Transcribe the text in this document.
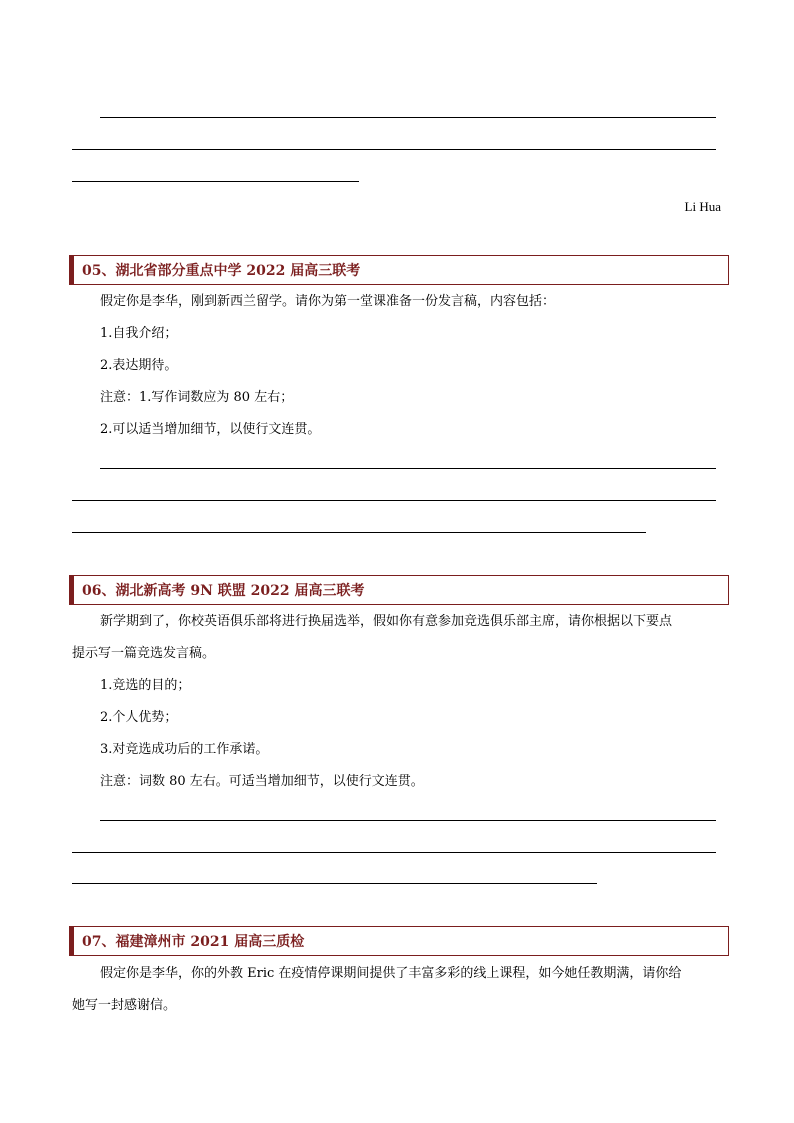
Li Hua
05、湖北省部分重点中学 2022 届高三联考
假定你是李华，刚到新西兰留学。请你为第一堂课准备一份发言稿，内容包括：
1.自我介绍；
2.表达期待。
注意：1.写作词数应为 80 左右；
2.可以适当增加细节，以使行文连贯。
06、湖北新高考 9N 联盟 2022 届高三联考
新学期到了，你校英语俱乐部将进行换届选举，假如你有意参加竞选俱乐部主席，请你根据以下要点
提示写一篇竞选发言稿。
1.竞选的目的；
2.个人优势；
3.对竞选成功后的工作承诺。
注意：词数 80 左右。可适当增加细节，以使行文连贯。
07、福建漳州市 2021 届高三质检
假定你是李华，你的外教 Eric 在疫情停课期间提供了丰富多彩的线上课程，如今她任教期满，请你给
她写一封感谢信。
